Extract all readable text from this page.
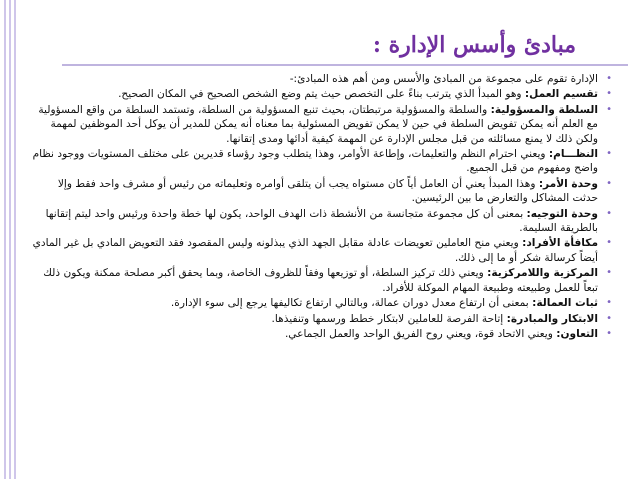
مبادئ وأسس الإدارة :
•
الإدارة تقوم على مجموعة من المبادئ والأسس ومن أهم هذه المبادئ:-
•
تقسيم العمل: وهو المبدأ الذي يترتب بناءً على التخصص حيث يتم وضع الشخص الصحيح في المكان الصحيح.
•
السلطة والمسؤولية: والسلطة والمسؤولية مرتبطتان، بحيث تنبع المسؤولية من السلطة، وتستمد السلطة من واقع المسؤولية مع العلم أنه يمكن تفويض السلطة في حين لا يمكن تفويض المسئولية بما معناه أنه يمكن للمدير أن يوكل أحد الموظفين لمهمة ولكن ذلك لا يمنع مسائلته من قبل مجلس الإدارة عن المهمة كيفية أدائها ومدى إتقانها.
•
النظـــام: ويعني احترام النظم والتعليمات، وإطاعة الأوامر، وهذا يتطلب وجود رؤساء قديرين على مختلف المستويات ووجود نظام واضح ومفهوم من قبل الجميع.
•
وحدة الأمر: وهذا المبدأ يعني أن العامل أياً كان مستواه يجب أن يتلقى أوامره وتعليماته من رئيس أو مشرف واحد فقط وإلا حدثت المشاكل والتعارض ما بين الرئيسين.
•
وحدة التوجيه: بمعنى أن كل مجموعة متجانسة من الأنشطة ذات الهدف الواحد، يكون لها خطة واحدة ورئيس واحد ليتم إتقانها بالطريقة السليمة.
•
مكافأة الأفراد: ويعني منح العاملين تعويضات عادلة مقابل الجهد الذي يبذلونه وليس المقصود فقد التعويض المادي بل غير المادي أيضاً كرسالة شكر أو ما إلى ذلك.
•
المركزية واللامركزية: ويعني ذلك تركيز السلطة، أو توزيعها وفقاً للظروف الخاصة، وبما يحقق أكبر مصلحة ممكنة ويكون ذلك تبعاً للعمل وطبيعته وطبيعة المهام الموكلة للأفراد.
•
ثبات العمالة: بمعنى أن ارتفاع معدل دوران عمالة، وبالتالي ارتفاع تكاليفها يرجع إلى سوء الإدارة.
•
الابتكار والمبادرة: إتاحة الفرصة للعاملين لابتكار خطط ورسمها وتنفيذها.
•
التعاون: ويعني الاتحاد قوة، ويعني روح الفريق الواحد والعمل الجماعي.
